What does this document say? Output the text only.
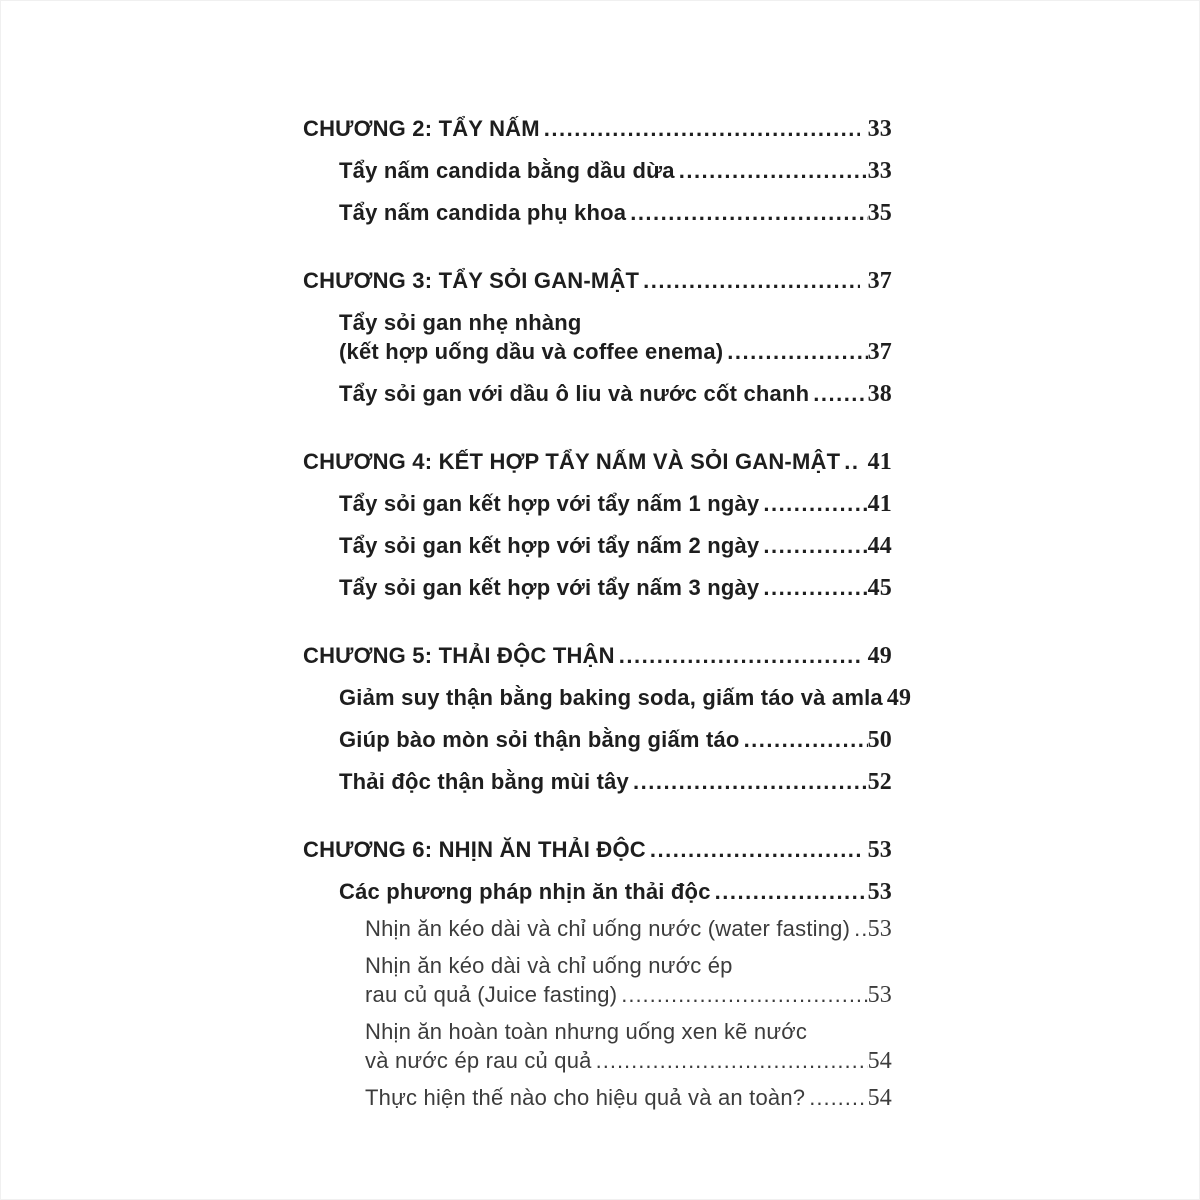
CHƯƠNG 2: TẨY NẤM .....	33
Tẩy nấm candida bằng dầu dừa .....	33
Tẩy nấm candida phụ khoa .....	35
CHƯƠNG 3: TẨY SỎI GAN-MẬT .....	37
Tẩy sỏi gan nhẹ nhàng
(kết hợp uống dầu và coffee enema) .....	37
Tẩy sỏi gan với dầu ô liu và nước cốt chanh ..... 38
CHƯƠNG 4: KẾT HỢP TẨY NẤM VÀ SỎI GAN-MẬT ..... 41
Tẩy sỏi gan kết hợp với tẩy nấm 1 ngày .....	41
Tẩy sỏi gan kết hợp với tẩy nấm 2 ngày .....	44
Tẩy sỏi gan kết hợp với tẩy nấm 3 ngày .....	45
CHƯƠNG 5: THẢI ĐỘC THẬN .....	49
Giảm suy thận bằng baking soda, giấm táo và amla 49
Giúp bào mòn sỏi thận bằng giấm táo .....	50
Thải độc thận bằng mùi tây .....	52
CHƯƠNG 6: NHỊN ĂN THẢI ĐỘC .....	53
Các phương pháp nhịn ăn thải độc .....	53
Nhịn ăn kéo dài và chỉ uống nước (water fasting) ..... 53
Nhịn ăn kéo dài và chỉ uống nước ép
rau củ quả (Juice fasting) .....	53
Nhịn ăn hoàn toàn nhưng uống xen kẽ nước
và nước ép rau củ quả .....	54
Thực hiện thế nào cho hiệu quả và an toàn? .....	54
